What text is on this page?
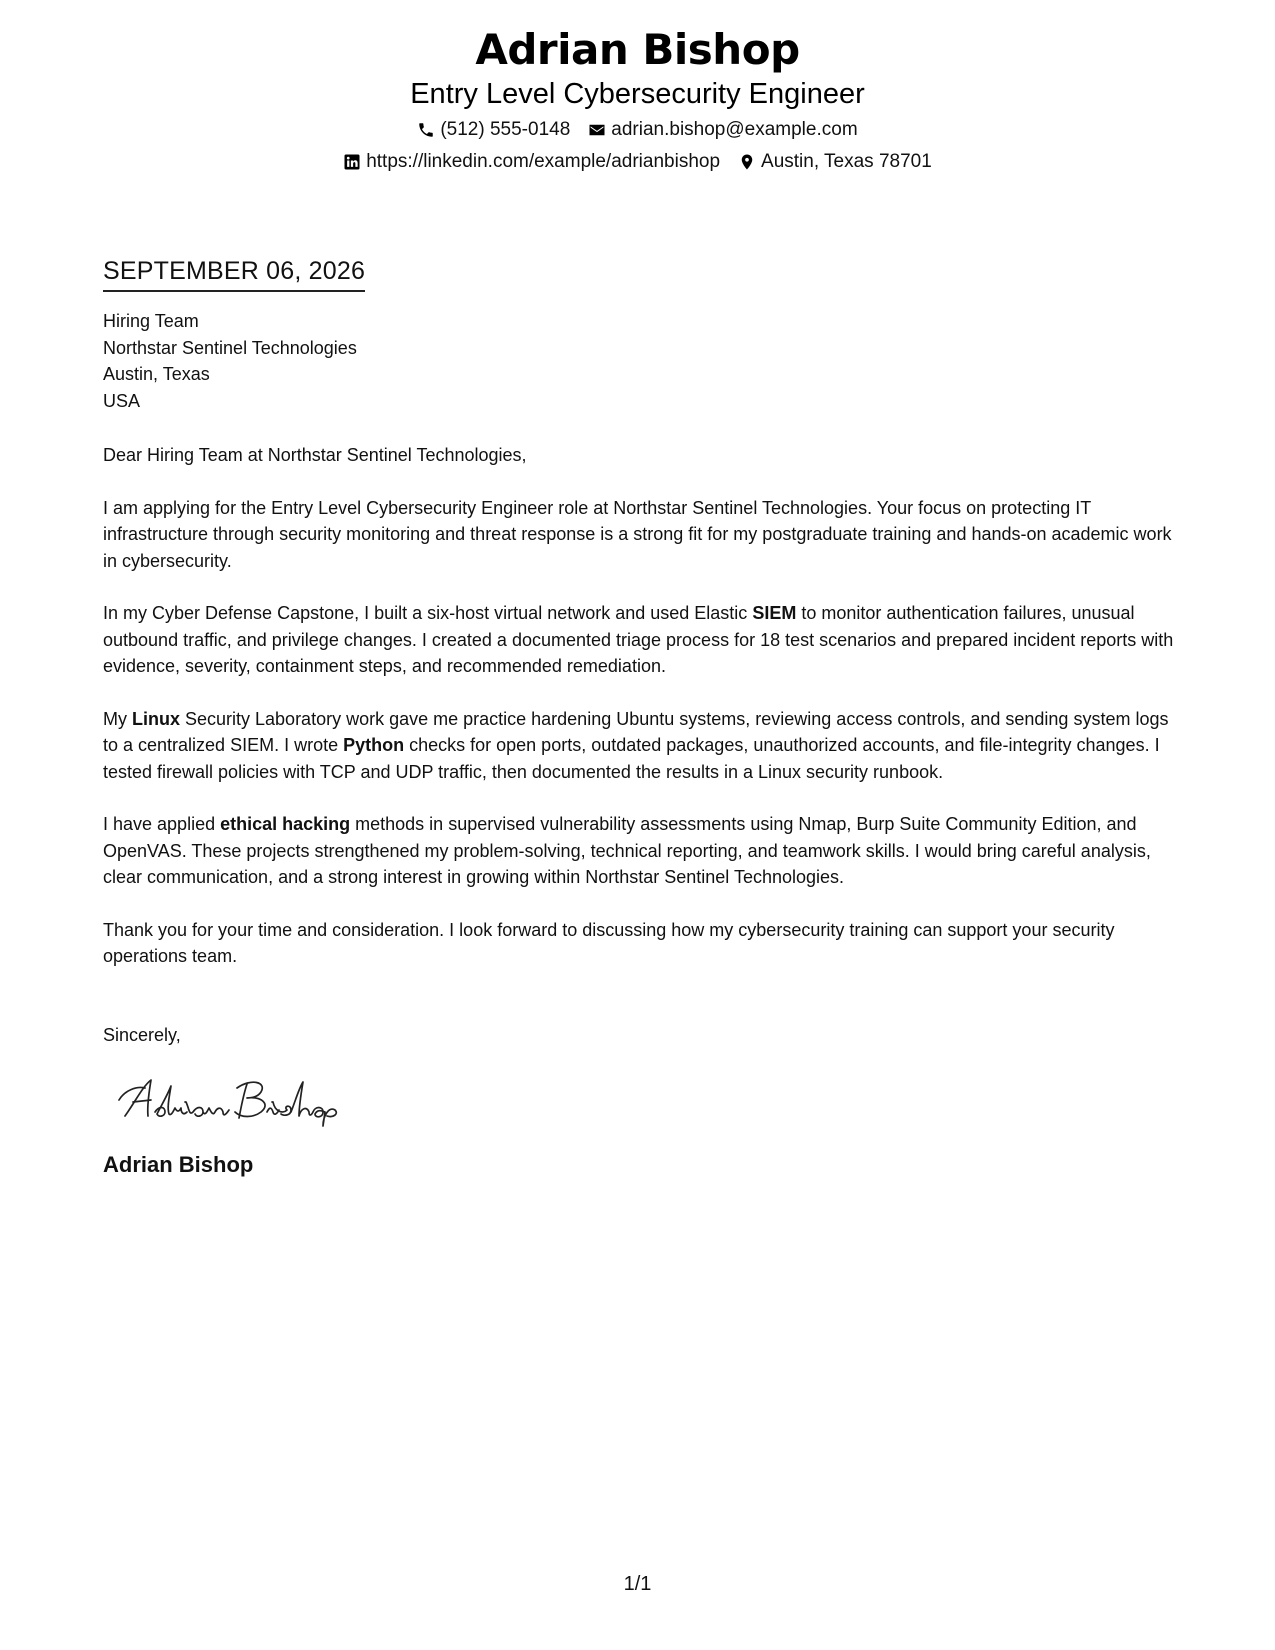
Adrian Bishop
Entry Level Cybersecurity Engineer
(512) 555-0148 adrian.bishop@example.com
https://linkedin.com/example/adrianbishop Austin, Texas 78701
SEPTEMBER 06, 2026
Hiring Team
Northstar Sentinel Technologies
Austin, Texas
USA
Dear Hiring Team at Northstar Sentinel Technologies,
I am applying for the Entry Level Cybersecurity Engineer role at Northstar Sentinel Technologies. Your focus on protecting IT infrastructure through security monitoring and threat response is a strong fit for my postgraduate training and hands-on academic work in cybersecurity.
In my Cyber Defense Capstone, I built a six-host virtual network and used Elastic SIEM to monitor authentication failures, unusual outbound traffic, and privilege changes. I created a documented triage process for 18 test scenarios and prepared incident reports with evidence, severity, containment steps, and recommended remediation.
My Linux Security Laboratory work gave me practice hardening Ubuntu systems, reviewing access controls, and sending system logs to a centralized SIEM. I wrote Python checks for open ports, outdated packages, unauthorized accounts, and file-integrity changes. I tested firewall policies with TCP and UDP traffic, then documented the results in a Linux security runbook.
I have applied ethical hacking methods in supervised vulnerability assessments using Nmap, Burp Suite Community Edition, and OpenVAS. These projects strengthened my problem-solving, technical reporting, and teamwork skills. I would bring careful analysis, clear communication, and a strong interest in growing within Northstar Sentinel Technologies.
Thank you for your time and consideration. I look forward to discussing how my cybersecurity training can support your security operations team.
Sincerely,
Adrian Bishop
1/1
